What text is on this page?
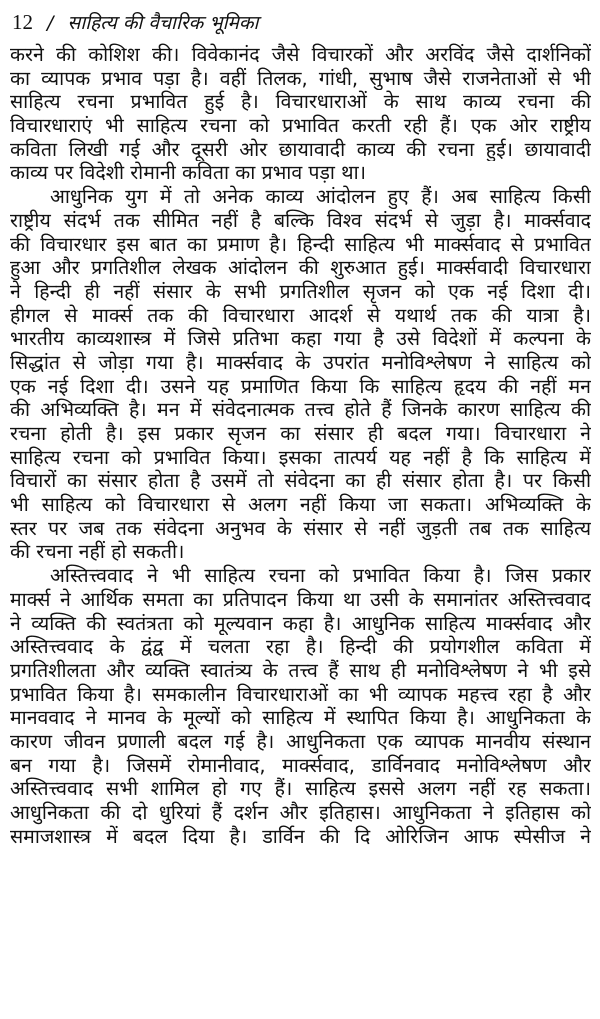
12 / साहित्य की वैचारिक भूमिका
करने की कोशिश की। विवेकानंद जैसे विचारकों और अरविंद जैसे दार्शनिकों
का व्यापक प्रभाव पड़ा है। वहीं तिलक, गांधी, सुभाष जैसे राजनेताओं से भी
साहित्य रचना प्रभावित हुई है। विचारधाराओं के साथ काव्य रचना की
विचारधाराएं भी साहित्य रचना को प्रभावित करती रही हैं। एक ओर राष्ट्रीय
कविता लिखी गई और दूसरी ओर छायावादी काव्य की रचना हुई। छायावादी
काव्य पर विदेशी रोमानी कविता का प्रभाव पड़ा था।
आधुनिक युग में तो अनेक काव्य आंदोलन हुए हैं। अब साहित्य किसी
राष्ट्रीय संदर्भ तक सीमित नहीं है बल्कि विश्व संदर्भ से जुड़ा है। मार्क्सवाद
की विचारधार इस बात का प्रमाण है। हिन्दी साहित्य भी मार्क्सवाद से प्रभावित
हुआ और प्रगतिशील लेखक आंदोलन की शुरुआत हुई। मार्क्सवादी विचारधारा
ने हिन्दी ही नहीं संसार के सभी प्रगतिशील सृजन को एक नई दिशा दी।
हीगल से मार्क्स तक की विचारधारा आदर्श से यथार्थ तक की यात्रा है।
भारतीय काव्यशास्त्र में जिसे प्रतिभा कहा गया है उसे विदेशों में कल्पना के
सिद्धांत से जोड़ा गया है। मार्क्सवाद के उपरांत मनोविश्लेषण ने साहित्य को
एक नई दिशा दी। उसने यह प्रमाणित किया कि साहित्य हृदय की नहीं मन
की अभिव्यक्ति है। मन में संवेदनात्मक तत्त्व होते हैं जिनके कारण साहित्य की
रचना होती है। इस प्रकार सृजन का संसार ही बदल गया। विचारधारा ने
साहित्य रचना को प्रभावित किया। इसका तात्पर्य यह नहीं है कि साहित्य में
विचारों का संसार होता है उसमें तो संवेदना का ही संसार होता है। पर किसी
भी साहित्य को विचारधारा से अलग नहीं किया जा सकता। अभिव्यक्ति के
स्तर पर जब तक संवेदना अनुभव के संसार से नहीं जुड़ती तब तक साहित्य
की रचना नहीं हो सकती।
अस्तित्त्ववाद ने भी साहित्य रचना को प्रभावित किया है। जिस प्रकार
मार्क्स ने आर्थिक समता का प्रतिपादन किया था उसी के समानांतर अस्तित्त्ववाद
ने व्यक्ति की स्वतंत्रता को मूल्यवान कहा है। आधुनिक साहित्य मार्क्सवाद और
अस्तित्त्ववाद के द्वंद्व में चलता रहा है। हिन्दी की प्रयोगशील कविता में
प्रगतिशीलता और व्यक्ति स्वातंत्र्य के तत्त्व हैं साथ ही मनोविश्लेषण ने भी इसे
प्रभावित किया है। समकालीन विचारधाराओं का भी व्यापक महत्त्व रहा है और
मानववाद ने मानव के मूल्यों को साहित्य में स्थापित किया है। आधुनिकता के
कारण जीवन प्रणाली बदल गई है। आधुनिकता एक व्यापक मानवीय संस्थान
बन गया है। जिसमें रोमानीवाद, मार्क्सवाद, डार्विनवाद मनोविश्लेषण और
अस्तित्त्ववाद सभी शामिल हो गए हैं। साहित्य इससे अलग नहीं रह सकता।
आधुनिकता की दो धुरियां हैं दर्शन और इतिहास। आधुनिकता ने इतिहास को
समाजशास्त्र में बदल दिया है। डार्विन की दि ओरिजिन आफ स्पेसीज ने
